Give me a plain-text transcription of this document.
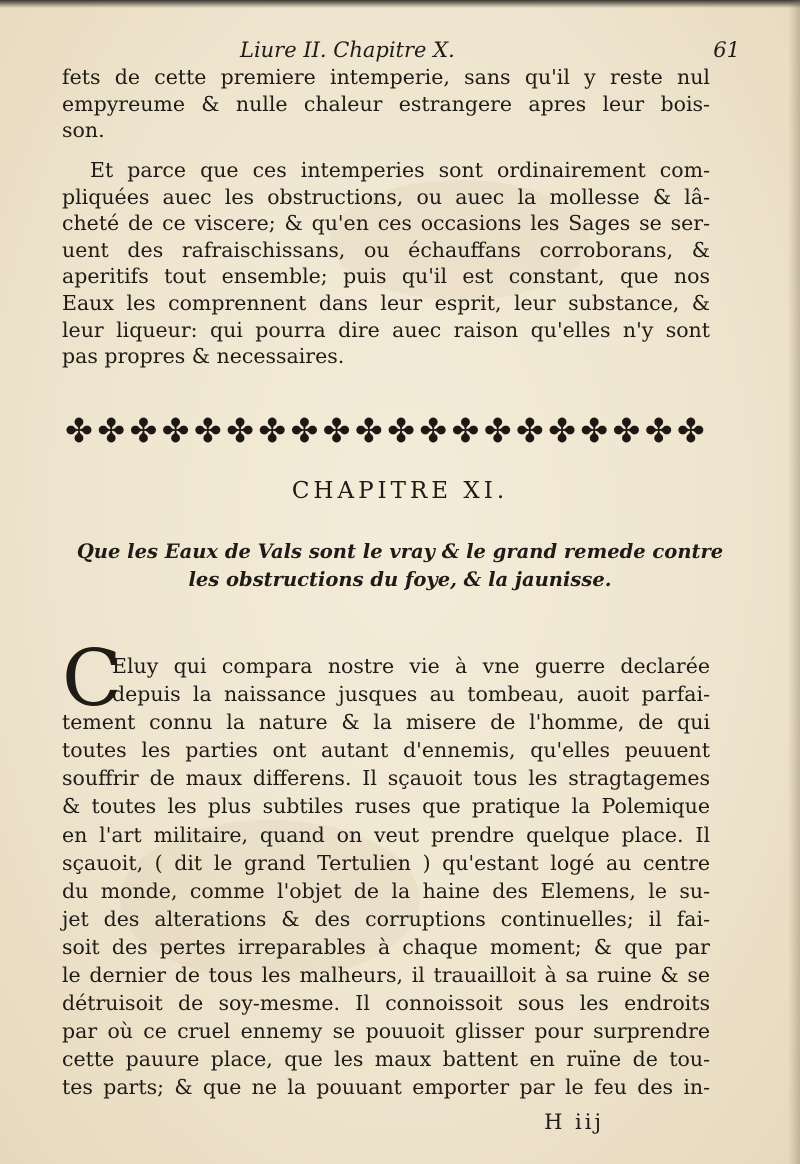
Liure II. Chapitre X.	61
fets de cette premiere intemperie, sans qu'il y reste nul
empyreume & nulle chaleur estrangere apres leur bois-
son.
Et parce que ces intemperies sont ordinairement com-
pliquées auec les obstructions, ou auec la mollesse & lâ-
cheté de ce viscere; & qu'en ces occasions les Sages se ser-
uent des rafraischissans, ou échauffans corroborans, &
aperitifs tout ensemble; puis qu'il est constant, que nos
Eaux les comprennent dans leur esprit, leur substance, &
leur liqueur: qui pourra dire auec raison qu'elles n'y sont
pas propres & necessaires.
✤ ✤ ✤ ✤ ✤ ✤ ✤ ✤ ✤ ✤ ✤ ✤ ✤ ✤ ✤ ✤ ✤ ✤ ✤ ✤
CHAPITRE XI.
Que les Eaux de Vals sont le vray & le grand remede contre
les obstructions du foye, & la jaunisse.
C
Eluy qui compara nostre vie à vne guerre declarée
depuis la naissance jusques au tombeau, auoit parfai-
tement connu la nature & la misere de l'homme, de qui
toutes les parties ont autant d'ennemis, qu'elles peuuent
souffrir de maux differens. Il sçauoit tous les stragtagemes
& toutes les plus subtiles ruses que pratique la Polemique
en l'art militaire, quand on veut prendre quelque place. Il
sçauoit, ( dit le grand Tertulien ) qu'estant logé au centre
du monde, comme l'objet de la haine des Elemens, le su-
jet des alterations & des corruptions continuelles; il fai-
soit des pertes irreparables à chaque moment; & que par
le dernier de tous les malheurs, il trauailloit à sa ruine & se
détruisoit de soy-mesme. Il connoissoit sous les endroits
par où ce cruel ennemy se pouuoit glisser pour surprendre
cette pauure place, que les maux battent en ruïne de tou-
tes parts; & que ne la pouuant emporter par le feu des in-
H iij
